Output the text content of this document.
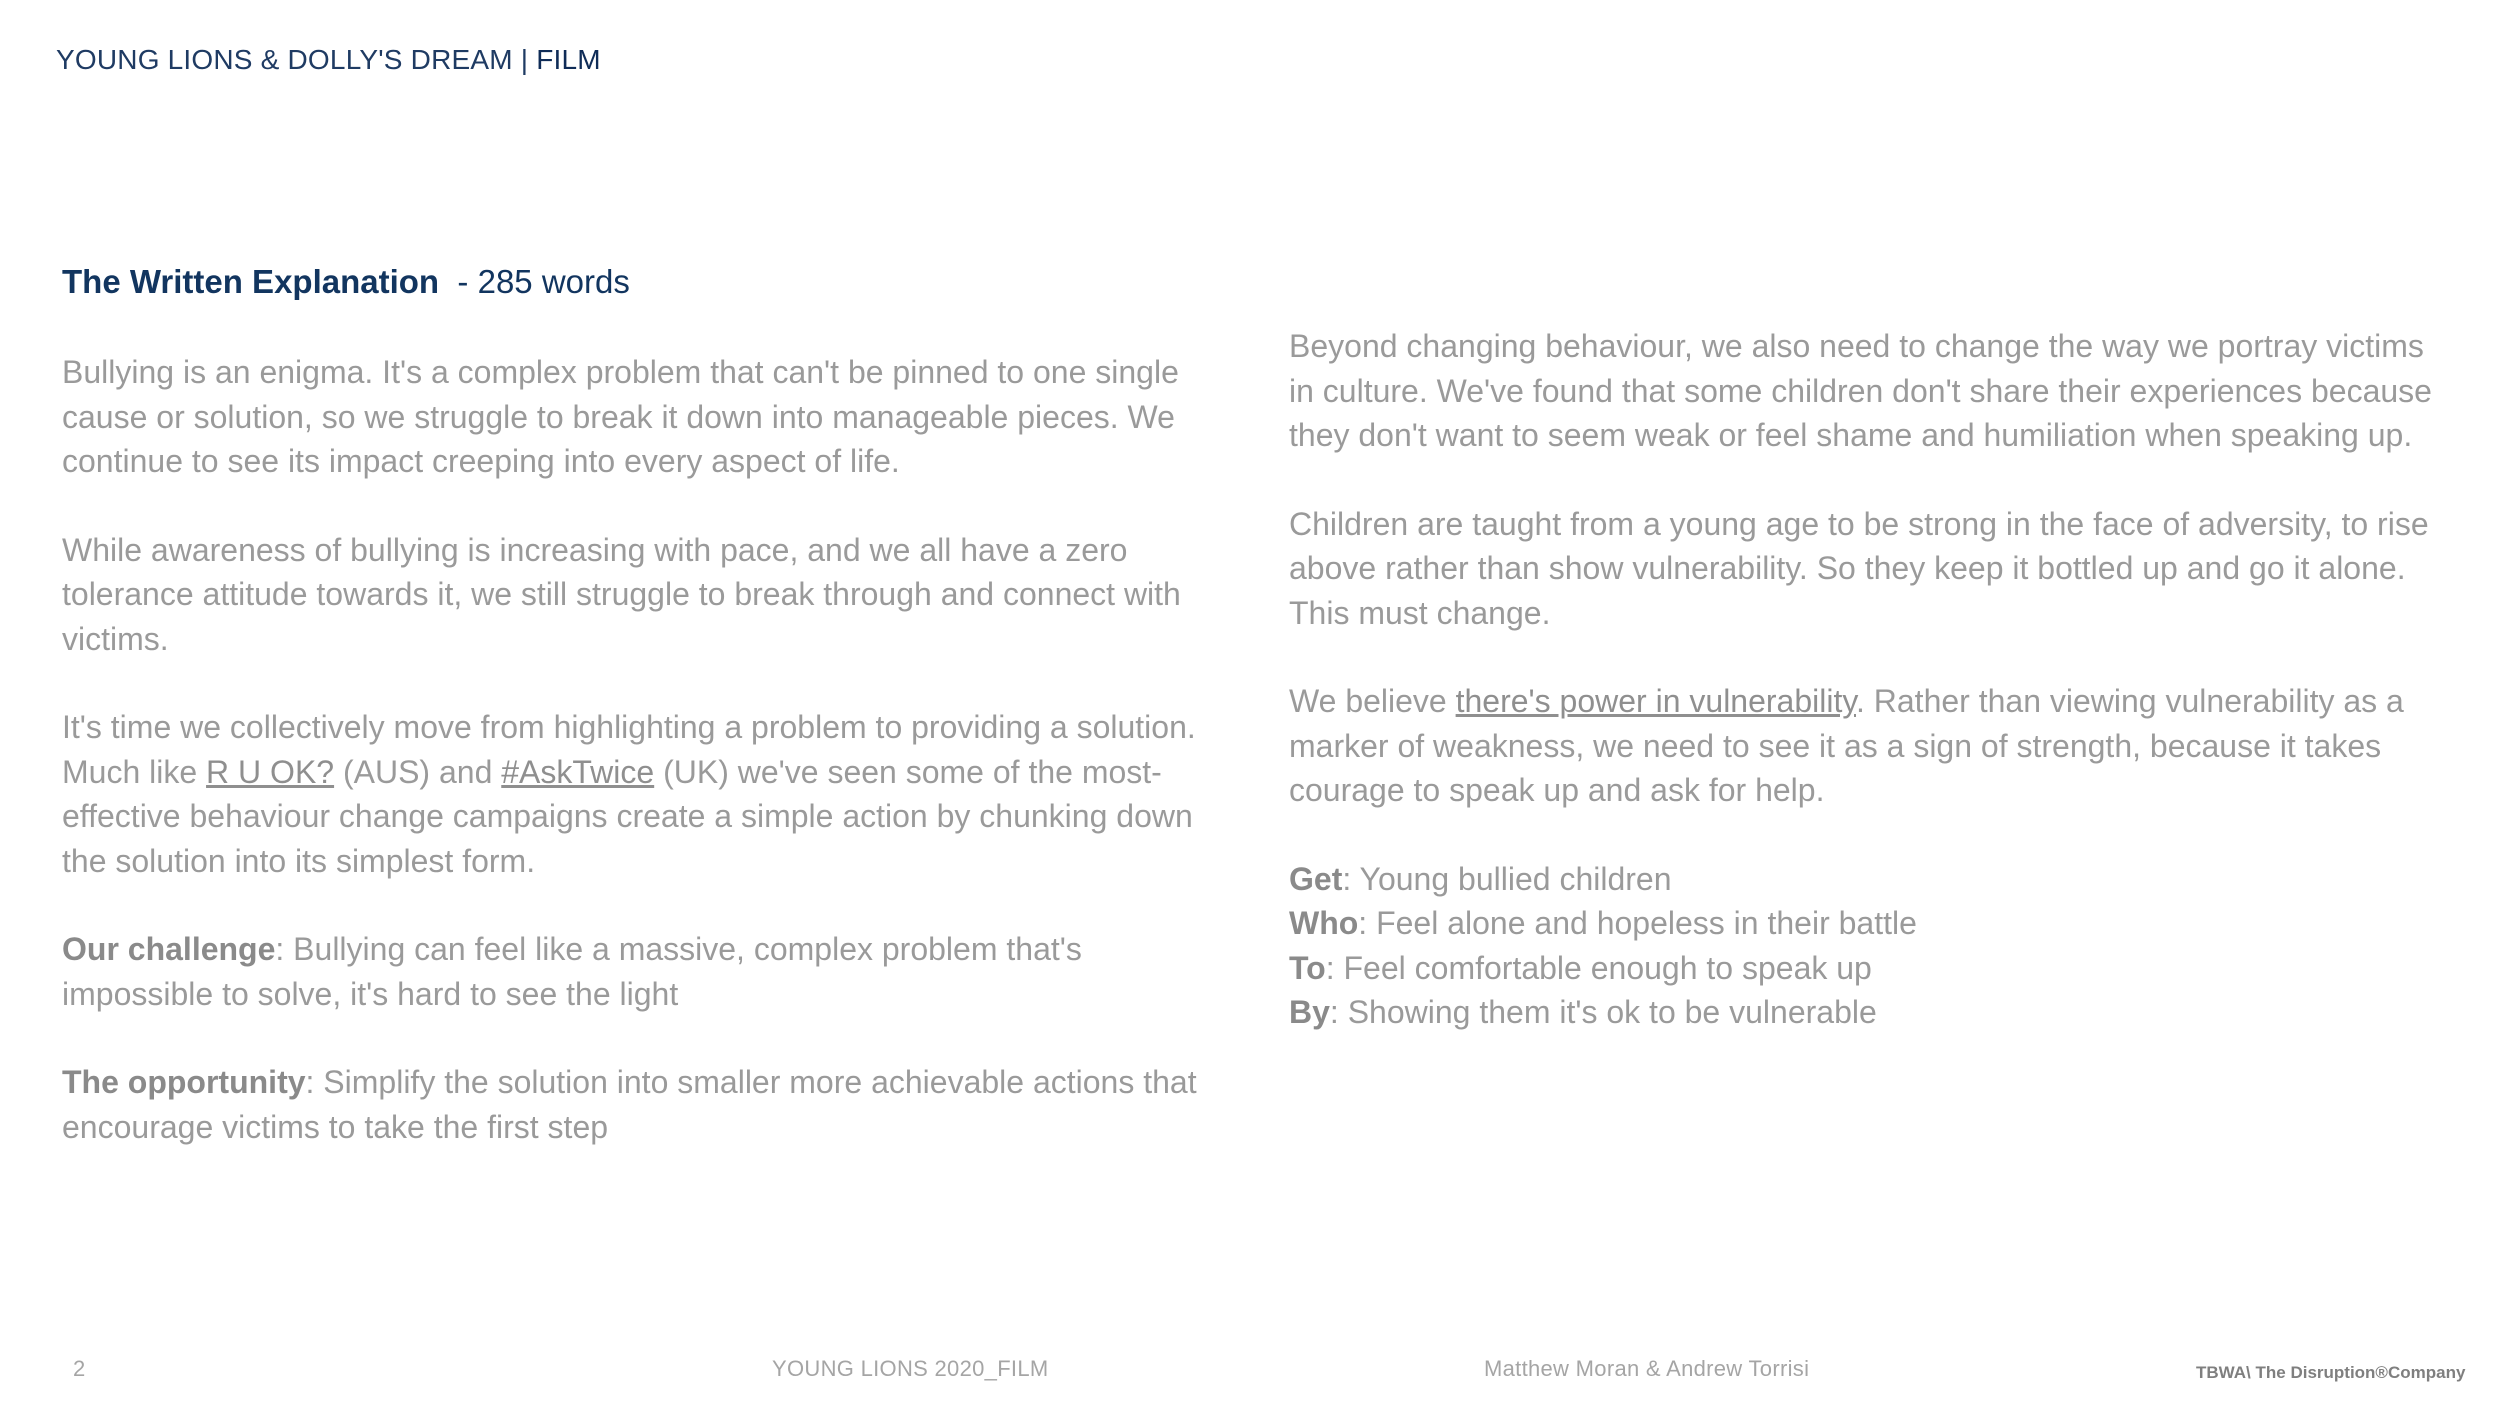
YOUNG LIONS & DOLLY'S DREAM | FILM
The Written Explanation  - 285 words

Bullying is an enigma. It's a complex problem that can't be pinned to one single cause or solution, so we struggle to break it down into manageable pieces. We continue to see its impact creeping into every aspect of life.

While awareness of bullying is increasing with pace, and we all have a zero tolerance attitude towards it, we still struggle to break through and connect with victims.

It's time we collectively move from highlighting a problem to providing a solution. Much like R U OK? (AUS) and #AskTwice (UK) we've seen some of the most-effective behaviour change campaigns create a simple action by chunking down the solution into its simplest form.

Our challenge: Bullying can feel like a massive, complex problem that's impossible to solve, it's hard to see the light

The opportunity: Simplify the solution into smaller more achievable actions that encourage victims to take the first step

Beyond changing behaviour, we also need to change the way we portray victims in culture. We've found that some children don't share their experiences because they don't want to seem weak or feel shame and humiliation when speaking up.

Children are taught from a young age to be strong in the face of adversity, to rise above rather than show vulnerability. So they keep it bottled up and go it alone. This must change.

We believe there's power in vulnerability. Rather than viewing vulnerability as a marker of weakness, we need to see it as a sign of strength, because it takes courage to speak up and ask for help.

Get: Young bullied children
Who: Feel alone and hopeless in their battle
To: Feel comfortable enough to speak up
By: Showing them it's ok to be vulnerable
2	YOUNG LIONS 2020_FILM	Matthew Moran & Andrew Torrisi	TBWA\ The Disruption®Company
